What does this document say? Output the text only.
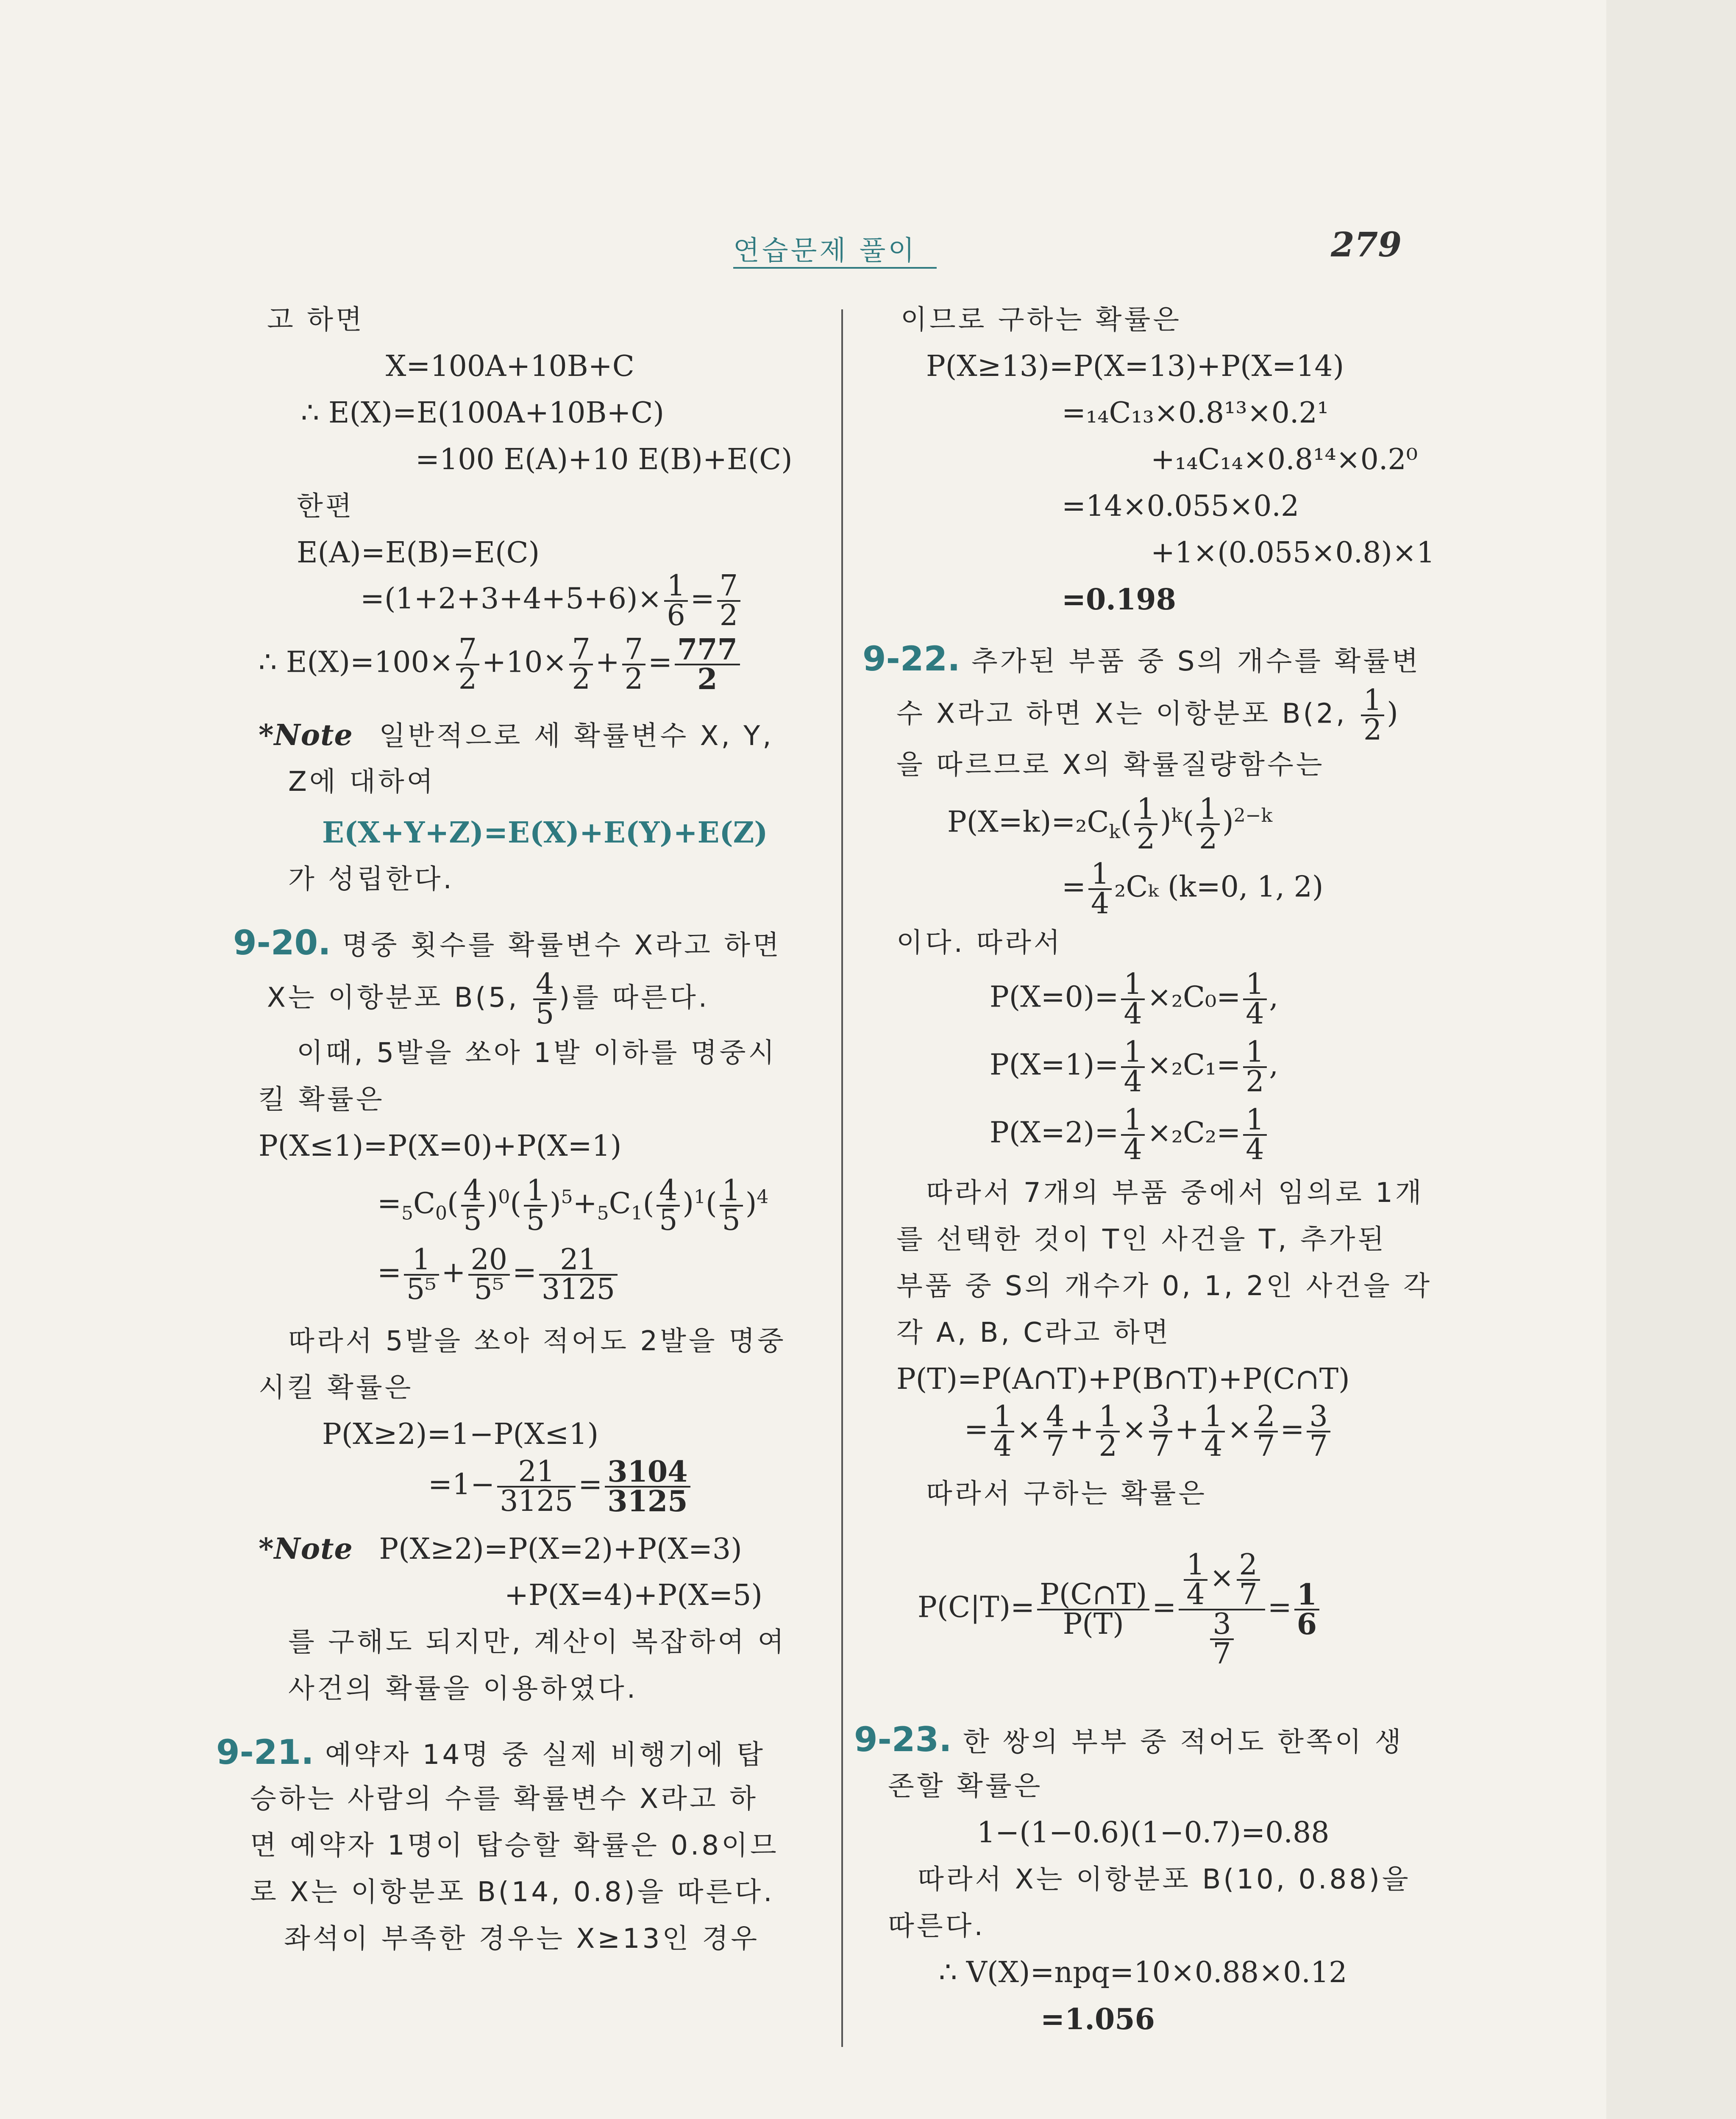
연습문제 풀이	279
고 하면
X=100A+10B+C
∴ E(X)=E(100A+10B+C)
=100 E(A)+10 E(B)+E(C)
한편
E(A)=E(B)=E(C)
$=(1+2+3+4+5+6)\times \frac{1}{6} = \frac{7}{2}$
∴ $E(X)=100\times \frac{7}{2} +10\times \frac{7}{2} + \frac{7}{2} = \frac{777}{2}$
*Note 일반적으로 세 확률변수 X, Y,
Z에 대하여
E(X+Y+Z)=E(X)+E(Y)+E(Z)
가 성립한다.
9-20. 명중 횟수를 확률변수 X라고 하면
X는 이항분포 B(5, $\frac{4}{5}$ )를 따른다.
이때, 5발을 쏘아 1발 이하를 명중시
킬 확률은
P(X≤1)=P(X=0)+P(X=1)
$=_5C_0( \frac{4}{5} )^0( \frac{1}{5} )^5+_5C_1( \frac{4}{5} )^1( \frac{1}{5} )^4$
= $\frac{1}{\text{5⁵}} + \frac{20}{\text{5⁵}} = \frac{21}{3125}$
따라서 5발을 쏘아 적어도 2발을 명중
시킬 확률은
P(X≥2)=1−P(X≤1)
$=1- \frac{21}{3125} = \frac{3104}{3125}$
*Note P(X≥2)=P(X=2)+P(X=3)
+P(X=4)+P(X=5)
를 구해도 되지만, 계산이 복잡하여 여
사건의 확률을 이용하였다.
9-21. 예약자 14명 중 실제 비행기에 탑
승하는 사람의 수를 확률변수 X라고 하
면 예약자 1명이 탑승할 확률은 0.8이므
로 X는 이항분포 B(14, 0.8)을 따른다.
좌석이 부족한 경우는 X≥13인 경우
이므로 구하는 확률은
P(X≥13)=P(X=13)+P(X=14)
=₁₄C₁₃×0.8¹³×0.2¹
+₁₄C₁₄×0.8¹⁴×0.2⁰
=14×0.055×0.2
+1×(0.055×0.8)×1
=0.198
9-22. 추가된 부품 중 S의 개수를 확률변
수 X라고 하면 X는 이항분포 B(2, $\frac{1}{2}$ )
을 따르므로 X의 확률질량함수는
$P(X=k)=_2C_k( \frac{1}{2} )^k( \frac{1}{2} )^{2-k}$
= $\frac{1}{4} _2C_k$ (k=0, 1, 2)
이다. 따라서
$P(X=0)= \frac{1}{4} \times_2C_0= \frac{1}{4}$ ,
$P(X=1)= \frac{1}{4} \times_2C_1= \frac{1}{2}$ ,
$P(X=2)= \frac{1}{4} \times_2C_2= \frac{1}{4}$
따라서 7개의 부품 중에서 임의로 1개
를 선택한 것이 T인 사건을 T, 추가된
부품 중 S의 개수가 0, 1, 2인 사건을 각
각 A, B, C라고 하면
P(T)=P(A∩T)+P(B∩T)+P(C∩T)
= $\frac{1}{4} \times \frac{4}{7} + \frac{1}{2} \times \frac{3}{7} + \frac{1}{4} \times \frac{2}{7} = \frac{3}{7}$
따라서 구하는 확률은
$P(C|T)= \frac{P(C\cap T)}{P(T)} = \frac{\frac{1}{4} \times \frac{2}{7}}{\frac{3}{7}} = \frac{1}{6}$
9-23. 한 쌍의 부부 중 적어도 한쪽이 생
존할 확률은
1−(1−0.6)(1−0.7)=0.88
따라서 X는 이항분포 B(10, 0.88)을
따른다.
∴ V(X)=npq=10×0.88×0.12
=1.056
